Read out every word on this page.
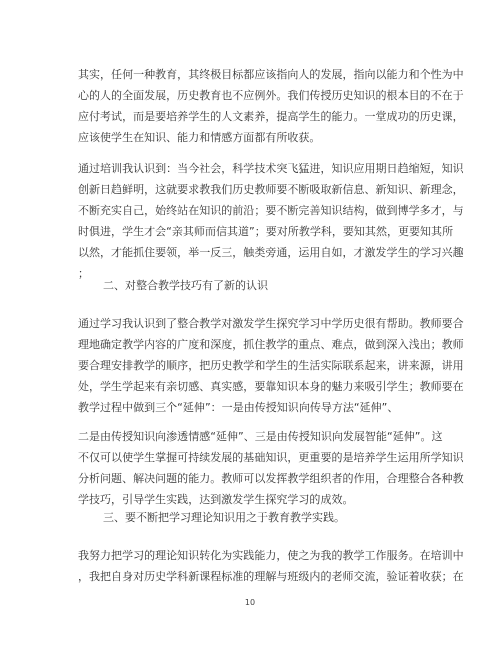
其实，任何一种教育，其终极目标都应该指向人的发展，指向以能力和个性为中
心的人的全面发展，历史教育也不应例外。我们传授历史知识的根本目的不在于
应付考试，而是要培养学生的人文素养，提高学生的能力。一堂成功的历史课，
应该使学生在知识、能力和情感方面都有所收获。
通过培训我认识到：当今社会，科学技术突飞猛进，知识应用期日趋缩短，知识
创新日趋鲜明，这就要求教我们历史教师要不断吸取新信息、新知识、新理念，
不断充实自己，始终站在知识的前沿；要不断完善知识结构，做到博学多才，与
时俱进，学生才会“亲其师而信其道”；要对所教学科，要知其然，更要知其所
以然，才能抓住要领，举一反三，触类旁通，运用自如，才激发学生的学习兴趣
；
二、对整合教学技巧有了新的认识
通过学习我认识到了整合教学对激发学生探究学习中学历史很有帮助。教师要合
理地确定教学内容的广度和深度，抓住教学的重点、难点，做到深入浅出；教师
要合理安排教学的顺序，把历史教学和学生的生活实际联系起来，讲来源，讲用
处，学生学起来有亲切感、真实感，要靠知识本身的魅力来吸引学生；教师要在
教学过程中做到三个“延伸”：一是由传授知识向传导方法“延伸”、
二是由传授知识向渗透情感“延伸”、三是由传授知识向发展智能“延伸”。这
不仅可以使学生掌握可持续发展的基础知识，更重要的是培养学生运用所学知识
分析问题、解决问题的能力。教师可以发挥教学组织者的作用，合理整合各种教
学技巧，引导学生实践，达到激发学生探究学习的成效。
三、要不断把学习理论知识用之于教育教学实践。
我努力把学习的理论知识转化为实践能力，使之为我的教学工作服务。在培训中
，我把自身对历史学科新课程标准的理解与班级内的老师交流，验证着收获；在
10
